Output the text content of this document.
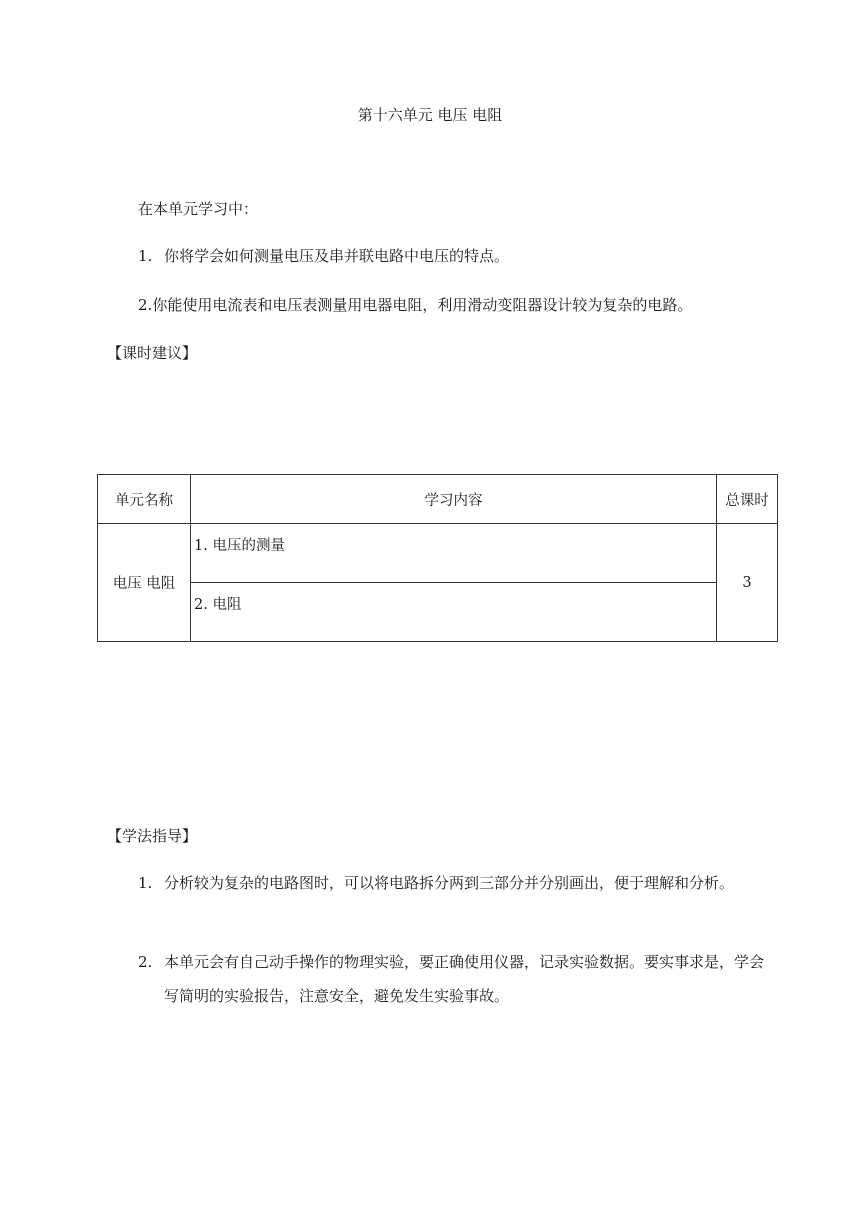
第十六单元 电压 电阻
在本单元学习中：
1. 你将学会如何测量电压及串并联电路中电压的特点。
2.你能使用电流表和电压表测量用电器电阻，利用滑动变阻器设计较为复杂的电路。
【课时建议】
单元名称	学习内容	总课时
电压 电阻	1. 电压的测量	3
	2. 电阻	
【学法指导】
1. 分析较为复杂的电路图时，可以将电路拆分两到三部分并分别画出，便于理解和分析。
2. 本单元会有自己动手操作的物理实验，要正确使用仪器，记录实验数据。要实事求是，学会写简明的实验报告，注意安全，避免发生实验事故。
